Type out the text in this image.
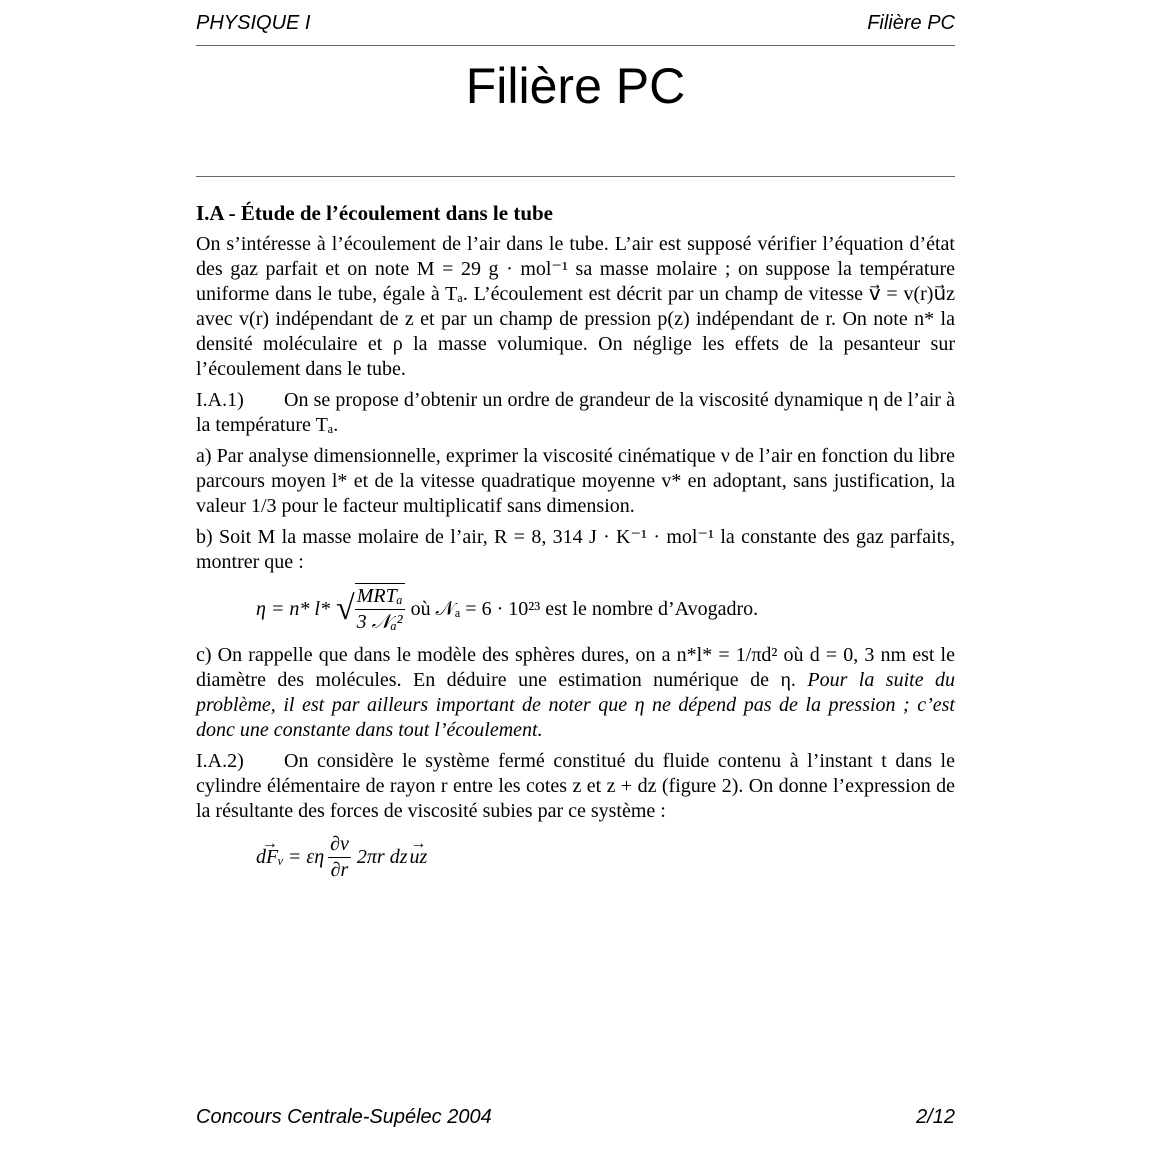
PHYSIQUE I	Filière PC
Filière PC
I.A - Étude de l’écoulement dans le tube

On s’intéresse à l’écoulement de l’air dans le tube. L’air est supposé vérifier l’équation d’état des gaz parfait et on note M = 29 g · mol⁻¹ sa masse molaire ; on suppose la température uniforme dans le tube, égale à Tₐ. L’écoulement est décrit par un champ de vitesse v⃗ = v(r)u⃗z avec v(r) indépendant de z et par un champ de pression p(z) indépendant de r. On note n* la densité moléculaire et ρ la masse volumique. On néglige les effets de la pesanteur sur l’écoulement dans le tube.

I.A.1) On se propose d’obtenir un ordre de grandeur de la viscosité dynamique η de l’air à la température Tₐ.

a) Par analyse dimensionnelle, exprimer la viscosité cinématique ν de l’air en fonction du libre parcours moyen l* et de la vitesse quadratique moyenne v* en adoptant, sans justification, la valeur 1/3 pour le facteur multiplicatif sans dimension.

b) Soit M la masse molaire de l’air, R = 8, 314 J · K⁻¹ · mol⁻¹ la constante des gaz parfaits, montrer que :

η = n* l* √ $\frac{\text{MRTₐ}}{\text{3 𝒩ₐ²}}$ où 𝒩ₐ = 6 · 10²³ est le nombre d’Avogadro.

c) On rappelle que dans le modèle des sphères dures, on a n*l* = 1/πd² où d = 0, 3 nm est le diamètre des molécules. En déduire une estimation numérique de η. Pour la suite du problème, il est par ailleurs important de noter que η ne dépend pas de la pression ; c’est donc une constante dans tout l’écoulement.

I.A.2) On considère le système fermé constitué du fluide contenu à l’instant t dans le cylindre élémentaire de rayon r entre les cotes z et z + dz (figure 2). On donne l’expression de la résultante des forces de viscosité subies par ce système :

→ dFᵥ = εη $\frac{\partial v}{\partial r} 2\pi r$ dz
→ uz
Concours Centrale-Supélec 2004	2/12
